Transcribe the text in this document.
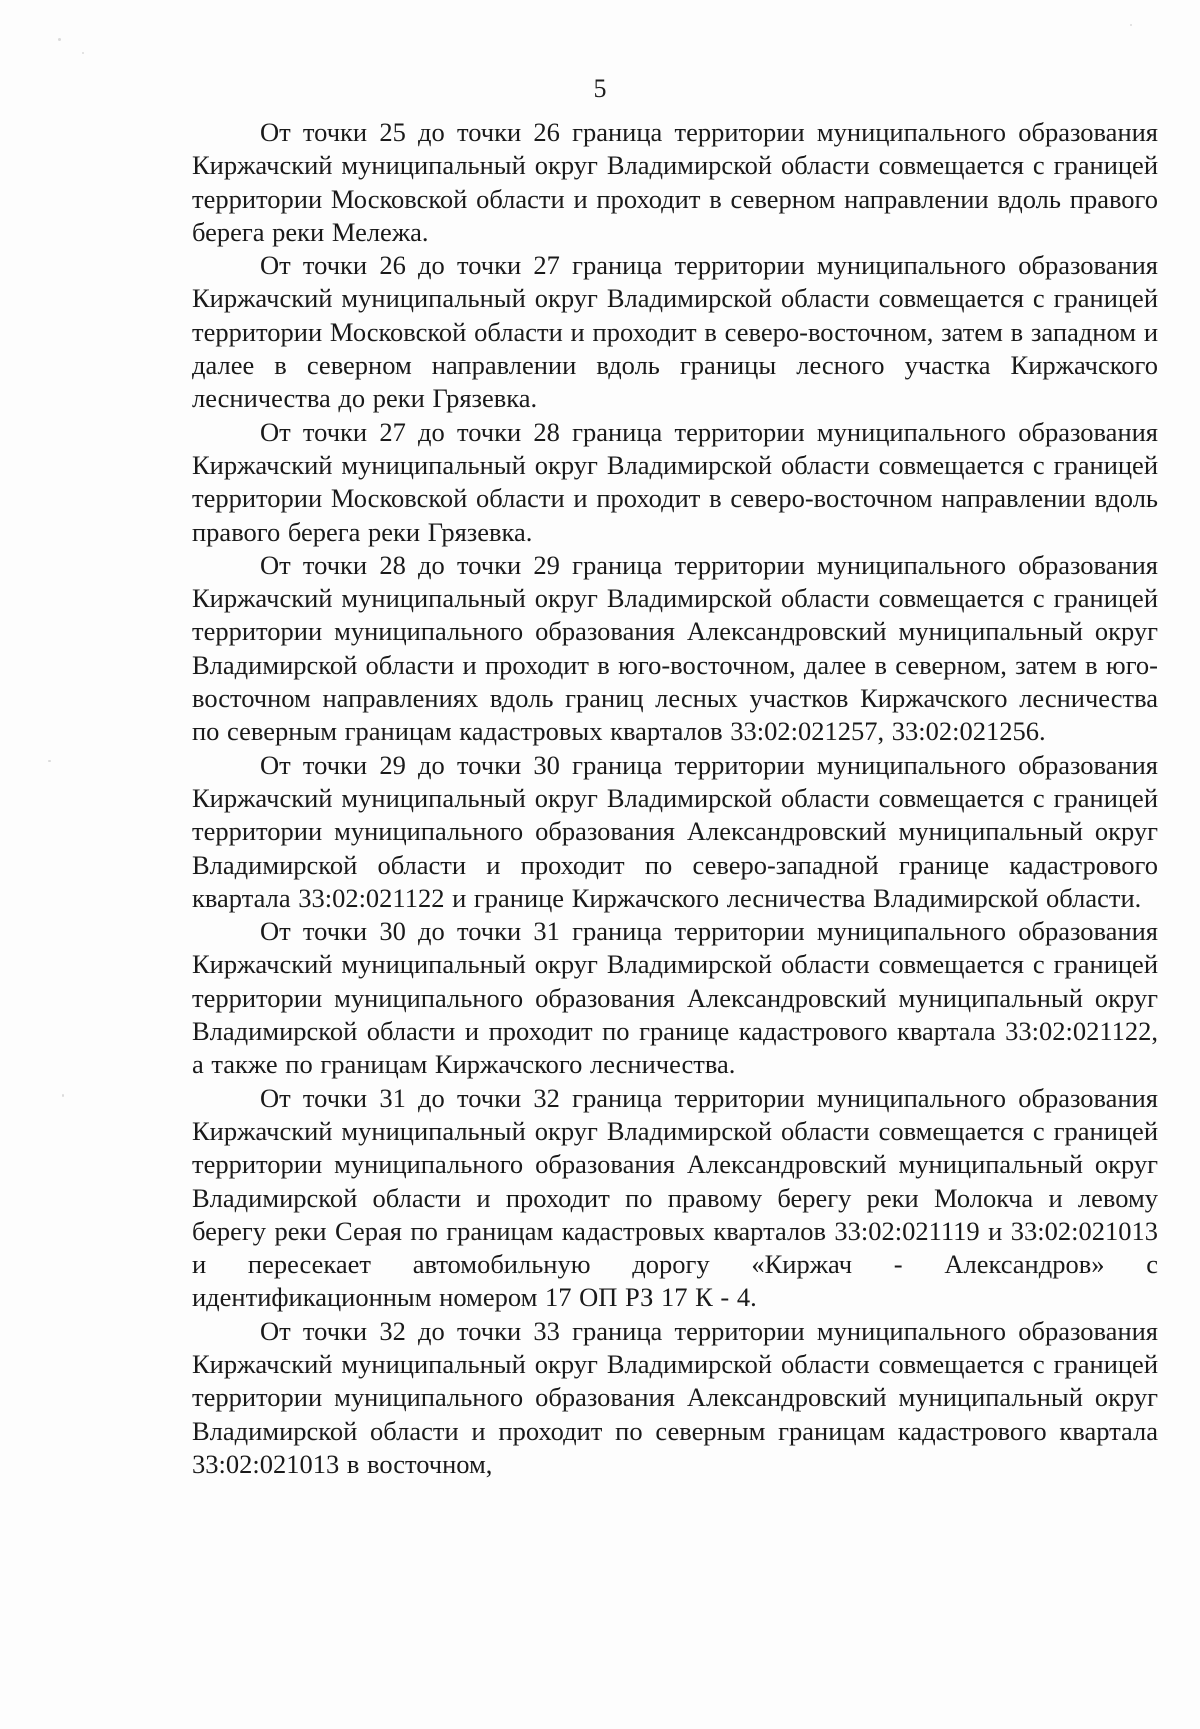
5

От точки 25 до точки 26 граница территории муниципального образования Киржачский муниципальный округ Владимирской области совмещается с границей территории Московской области и проходит в северном направлении вдоль правого берега реки Мележа.

От точки 26 до точки 27 граница территории муниципального образования Киржачский муниципальный округ Владимирской области совмещается с границей территории Московской области и проходит в северо-восточном, затем в западном и далее в северном направлении вдоль границы лесного участка Киржачского лесничества до реки Грязевка.

От точки 27 до точки 28 граница территории муниципального образования Киржачский муниципальный округ Владимирской области совмещается с границей территории Московской области и проходит в северо-восточном направлении вдоль правого берега реки Грязевка.

От точки 28 до точки 29 граница территории муниципального образования Киржачский муниципальный округ Владимирской области совмещается с границей территории муниципального образования Александровский муниципальный округ Владимирской области и проходит в юго-восточном, далее в северном, затем в юго-восточном направлениях вдоль границ лесных участков Киржачского лесничества по северным границам кадастровых кварталов 33:02:021257, 33:02:021256.

От точки 29 до точки 30 граница территории муниципального образования Киржачский муниципальный округ Владимирской области совмещается с границей территории муниципального образования Александровский муниципальный округ Владимирской области и проходит по северо-западной границе кадастрового квартала 33:02:021122 и границе Киржачского лесничества Владимирской области.

От точки 30 до точки 31 граница территории муниципального образования Киржачский муниципальный округ Владимирской области совмещается с границей территории муниципального образования Александровский муниципальный округ Владимирской области и проходит по границе кадастрового квартала 33:02:021122, а также по границам Киржачского лесничества.

От точки 31 до точки 32 граница территории муниципального образования Киржачский муниципальный округ Владимирской области совмещается с границей территории муниципального образования Александровский муниципальный округ Владимирской области и проходит по правому берегу реки Молокча и левому берегу реки Серая по границам кадастровых кварталов 33:02:021119 и 33:02:021013 и пересекает автомобильную дорогу «Киржач - Александров» с идентификационным номером 17 ОП РЗ 17 К - 4.

От точки 32 до точки 33 граница территории муниципального образования Киржачский муниципальный округ Владимирской области совмещается с границей территории муниципального образования Александровский муниципальный округ Владимирской области и проходит по северным границам кадастрового квартала 33:02:021013 в восточном,
